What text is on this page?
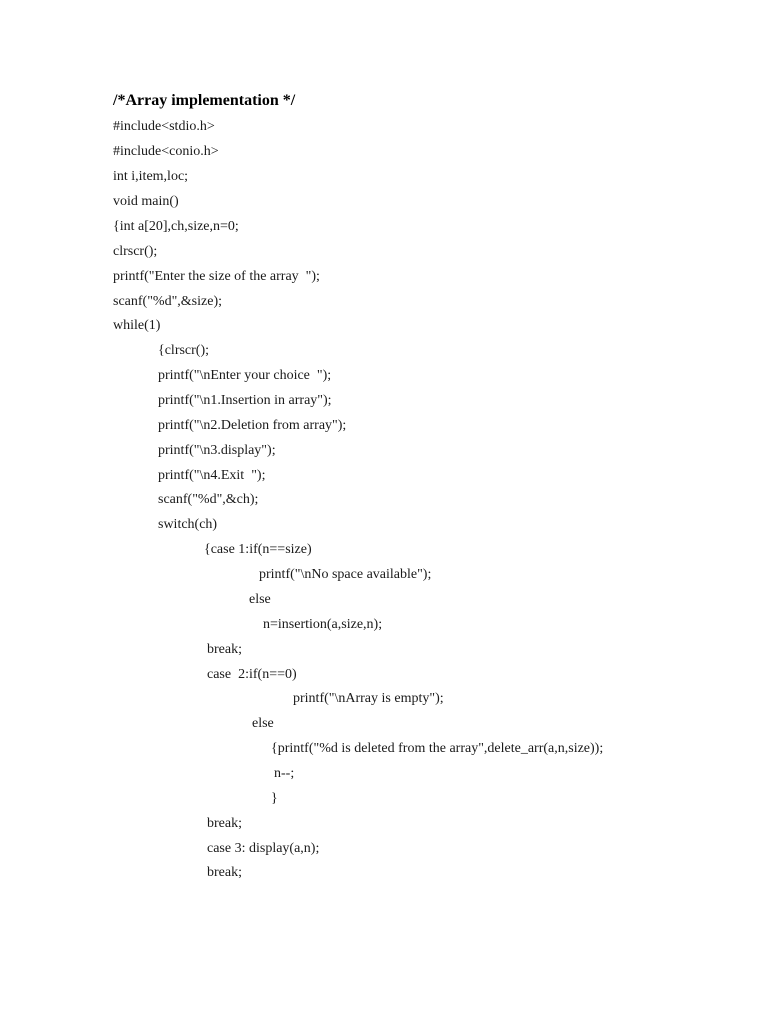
/*Array implementation */
#include<stdio.h>
#include<conio.h>
int i,item,loc;
void main()
{int a[20],ch,size,n=0;
clrscr();
printf("Enter the size of the array  ");
scanf("%d",&size);
while(1)
{clrscr();
printf("\nEnter your choice  ");
printf("\n1.Insertion in array");
printf("\n2.Deletion from array");
printf("\n3.display");
printf("\n4.Exit  ");
scanf("%d",&ch);
switch(ch)
{case 1:if(n==size)
printf("\nNo space available");
else
n=insertion(a,size,n);
break;
case  2:if(n==0)
printf("\nArray is empty");
else
{printf("%d is deleted from the array",delete_arr(a,n,size));
n--;
}
break;
case 3: display(a,n);
break;
